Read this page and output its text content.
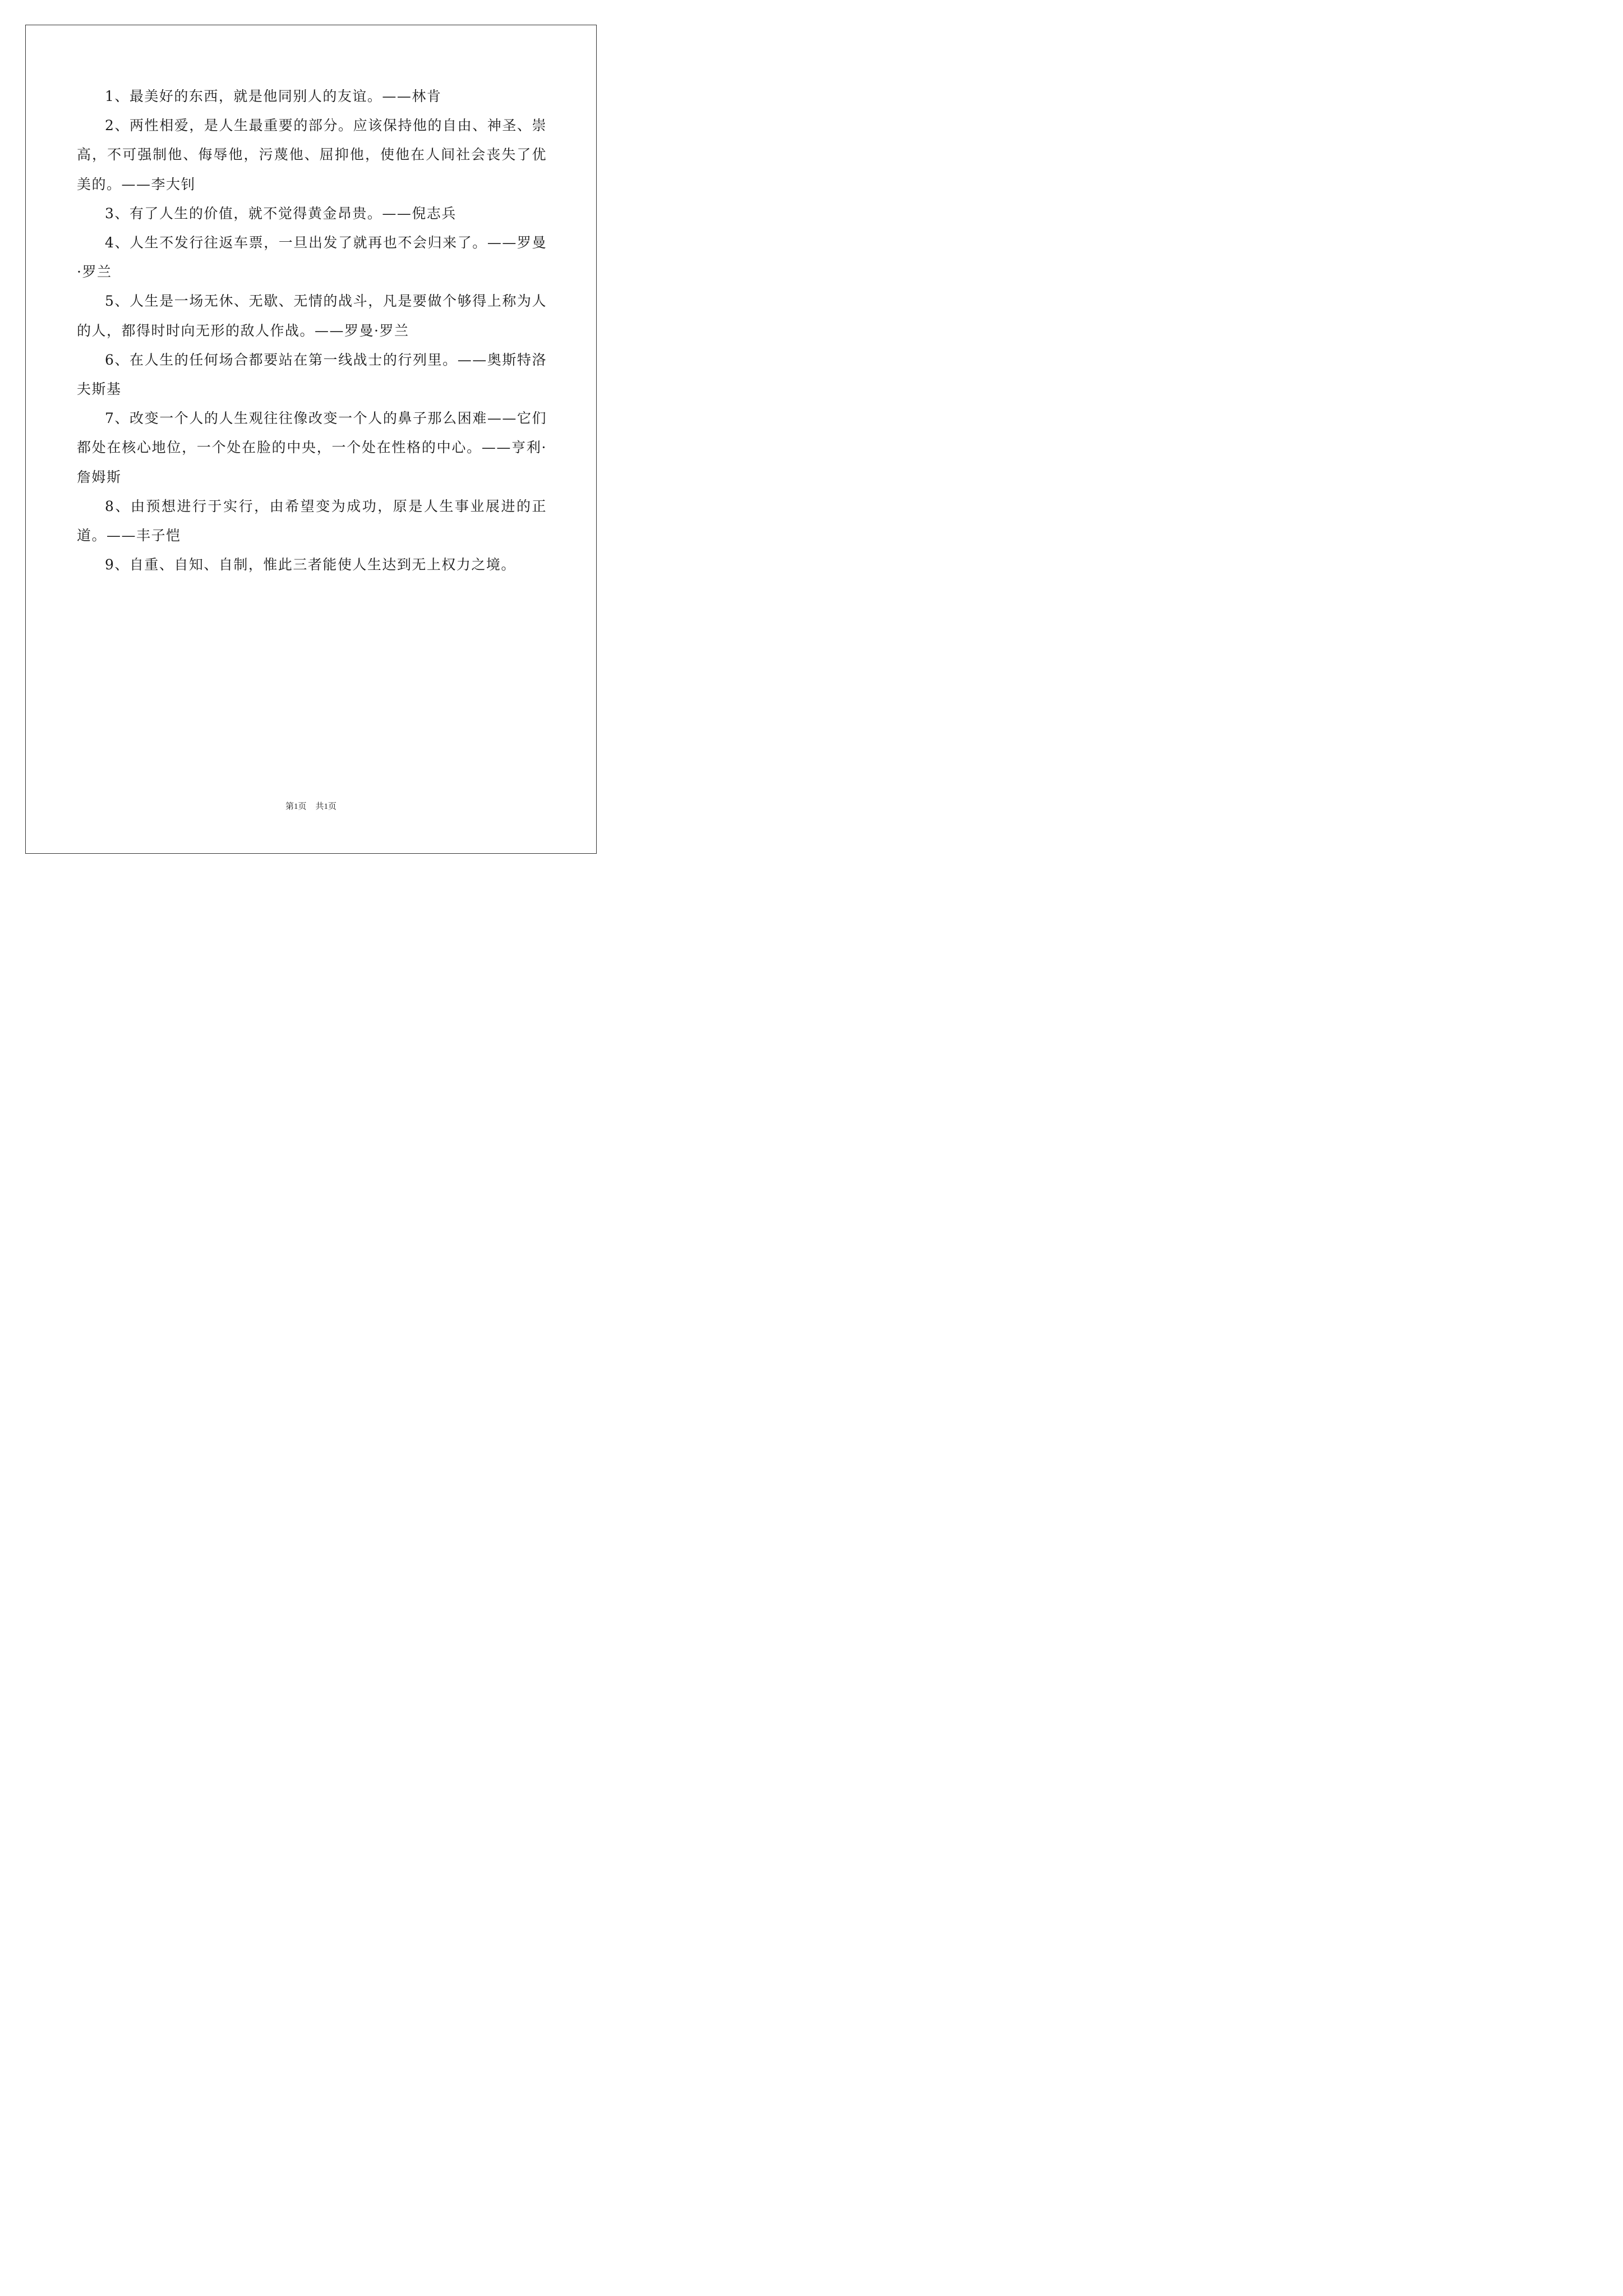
1、最美好的东西，就是他同别人的友谊。——林肯

2、两性相爱，是人生最重要的部分。应该保持他的自由、神圣、崇高，不可强制他、侮辱他，污蔑他、屈抑他，使他在人间社会丧失了优美的。——李大钊

3、有了人生的价值，就不觉得黄金昂贵。——倪志兵

4、人生不发行往返车票，一旦出发了就再也不会归来了。——罗曼·罗兰

5、人生是一场无休、无歇、无情的战斗，凡是要做个够得上称为人的人，都得时时向无形的敌人作战。——罗曼·罗兰

6、在人生的任何场合都要站在第一线战士的行列里。——奥斯特洛夫斯基

7、改变一个人的人生观往往像改变一个人的鼻子那么困难——它们都处在核心地位，一个处在脸的中央，一个处在性格的中心。——亨利·詹姆斯

8、由预想进行于实行，由希望变为成功，原是人生事业展进的正道。——丰子恺

9、自重、自知、自制，惟此三者能使人生达到无上权力之境。

第1页 共1页
